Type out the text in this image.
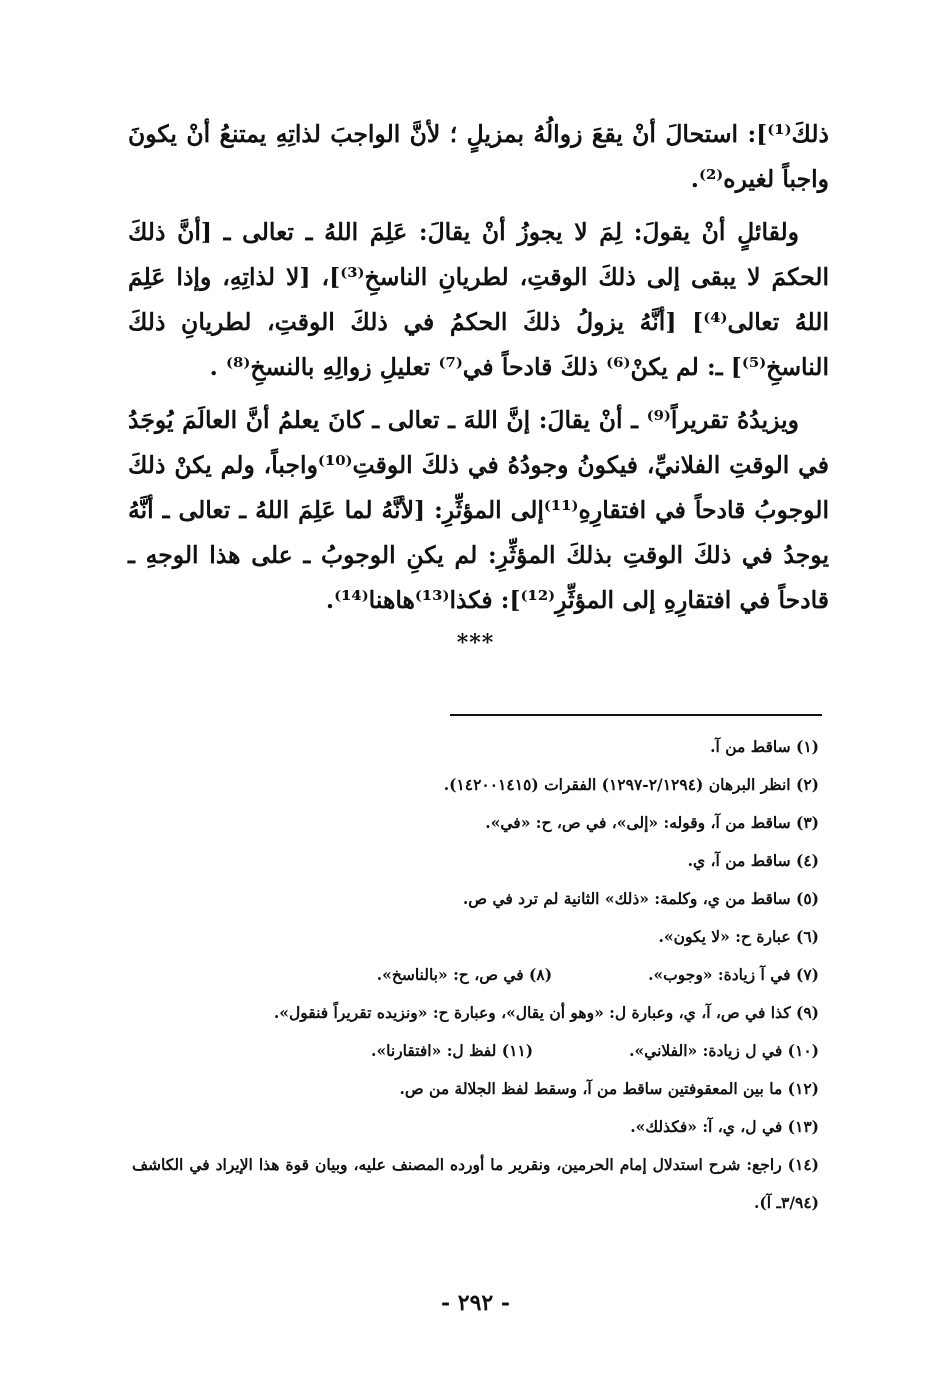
ذلكَ⁽¹⁾]: استحالَ أنْ يقعَ زوالُهُ بمزيلٍ ؛ لأنَّ الواجبَ لذاتِهِ يمتنعُ أنْ يكونَ واجباً لغيره⁽²⁾.

ولقائلٍ أنْ يقولَ: لِمَ لا يجوزُ أنْ يقالَ: عَلِمَ اللهُ ـ تعالى ـ [أنَّ ذلكَ الحكمَ لا يبقى إلى ذلكَ الوقتِ، لطريانِ الناسخِ⁽³⁾]، [لا لذاتِهِ، وإذا عَلِمَ اللهُ تعالى⁽⁴⁾] [أنَّهُ يزولُ ذلكَ الحكمُ في ذلكَ الوقتِ، لطريانِ ذلكَ الناسخِ⁽⁵⁾] ـ: لم يكنْ⁽⁶⁾ ذلكَ قادحاً في⁽⁷⁾ تعليلِ زوالِهِ بالنسخِ⁽⁸⁾ .

ويزيدُهُ تقريراً⁽⁹⁾ ـ أنْ يقالَ: إنَّ اللهَ ـ تعالى ـ كانَ يعلمُ أنَّ العالَمَ يُوجَدُ في الوقتِ الفلانيِّ، فيكونُ وجودُهُ في ذلكَ الوقتِ⁽¹⁰⁾واجباً، ولم يكنْ ذلكَ الوجوبُ قادحاً في افتقارِهِ⁽¹¹⁾إلى المؤثِّرِ: [لأنَّهُ لما عَلِمَ اللهُ ـ تعالى ـ أنَّهُ يوجدُ في ذلكَ الوقتِ بذلكَ المؤثِّرِ: لم يكنِ الوجوبُ ـ على هذا الوجهِ ـ قادحاً في افتقارِهِ إلى المؤثِّرِ⁽¹²⁾]: فكذا⁽¹³⁾هاهنا⁽¹⁴⁾.

***
(١) ساقط من آ.
(٢) انظر البرهان (٢/١٢٩٤-١٢٩٧) الفقرات (١٤٢٠٠١٤١٥).
(٣) ساقط من آ، وقوله: «إلى»، في ص، ح: «في».
(٤) ساقط من آ، ي.
(٥) ساقط من ي، وكلمة: «ذلك» الثانية لم ترد في ص.
(٦) عبارة ح: «لا يكون».
(٧) في آ زيادة: «وجوب».
(٨) في ص، ح: «بالناسخ».
(٩) كذا في ص، آ، ي، وعبارة ل: «وهو أن يقال»، وعبارة ح: «ونزيده تقريراً فنقول».
(١٠) في ل زيادة: «الفلاني».
(١١) لفظ ل: «افتقارنا».
(١٢) ما بين المعقوفتين ساقط من آ، وسقط لفظ الجلالة من ص.
(١٣) في ل، ي، آ: «فكذلك».
(١٤) راجع: شرح استدلال إمام الحرمين، ونقرير ما أورده المصنف عليه، وبيان قوة هذا الإيراد في الكاشف (٣/٩٤ـ آ).
- ٢٩٢ -
